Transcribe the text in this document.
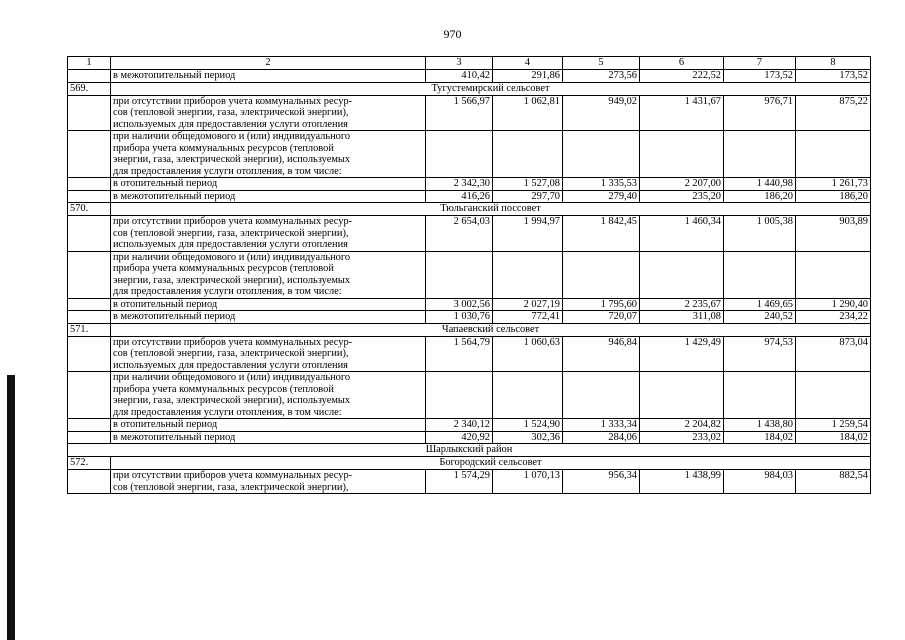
970
1	2	3	4	5	6	7	8
	в межотопительный период	410,42	291,86	273,56	222,52	173,52	173,52
569.	Тугустемирский сельсовет						
	при отсутствии приборов учета коммунальных ресур-
сов (тепловой энергии, газа, электрической энергии),
используемых для предоставления услуги отопления	1 566,97	1 062,81	949,02	1 431,67	976,71	875,22
	при наличии общедомового и (или) индивидуального
прибора учета коммунальных ресурсов (тепловой
энергии, газа, электрической энергии), используемых
для предоставления услуги отопления, в том числе:						
	в отопительный период	2 342,30	1 527,08	1 335,53	2 207,00	1 440,98	1 261,73
	в межотопительный период	416,26	297,70	279,40	235,20	186,20	186,20
570.	Тюльганский поссовет						
	при отсутствии приборов учета коммунальных ресур-
сов (тепловой энергии, газа, электрической энергии),
используемых для предоставления услуги отопления	2 654,03	1 994,97	1 842,45	1 460,34	1 005,38	903,89
	при наличии общедомового и (или) индивидуального
прибора учета коммунальных ресурсов (тепловой
энергии, газа, электрической энергии), используемых
для предоставления услуги отопления, в том числе:						
	в отопительный период	3 002,56	2 027,19	1 795,60	2 235,67	1 469,65	1 290,40
	в межотопительный период	1 030,76	772,41	720,07	311,08	240,52	234,22
571.	Чапаевский сельсовет						
	при отсутствии приборов учета коммунальных ресур-
сов (тепловой энергии, газа, электрической энергии),
используемых для предоставления услуги отопления	1 564,79	1 060,63	946,84	1 429,49	974,53	873,04
	при наличии общедомового и (или) индивидуального
прибора учета коммунальных ресурсов (тепловой
энергии, газа, электрической энергии), используемых
для предоставления услуги отопления, в том числе:						
	в отопительный период	2 340,12	1 524,90	1 333,34	2 204,82	1 438,80	1 259,54
	в межотопительный период	420,92	302,36	284,06	233,02	184,02	184,02
Шарлыкский район							
572.	Богородский сельсовет						
	при отсутствии приборов учета коммунальных ресур-
сов (тепловой энергии, газа, электрической энергии),	1 574,29	1 070,13	956,34	1 438,99	984,03	882,54
